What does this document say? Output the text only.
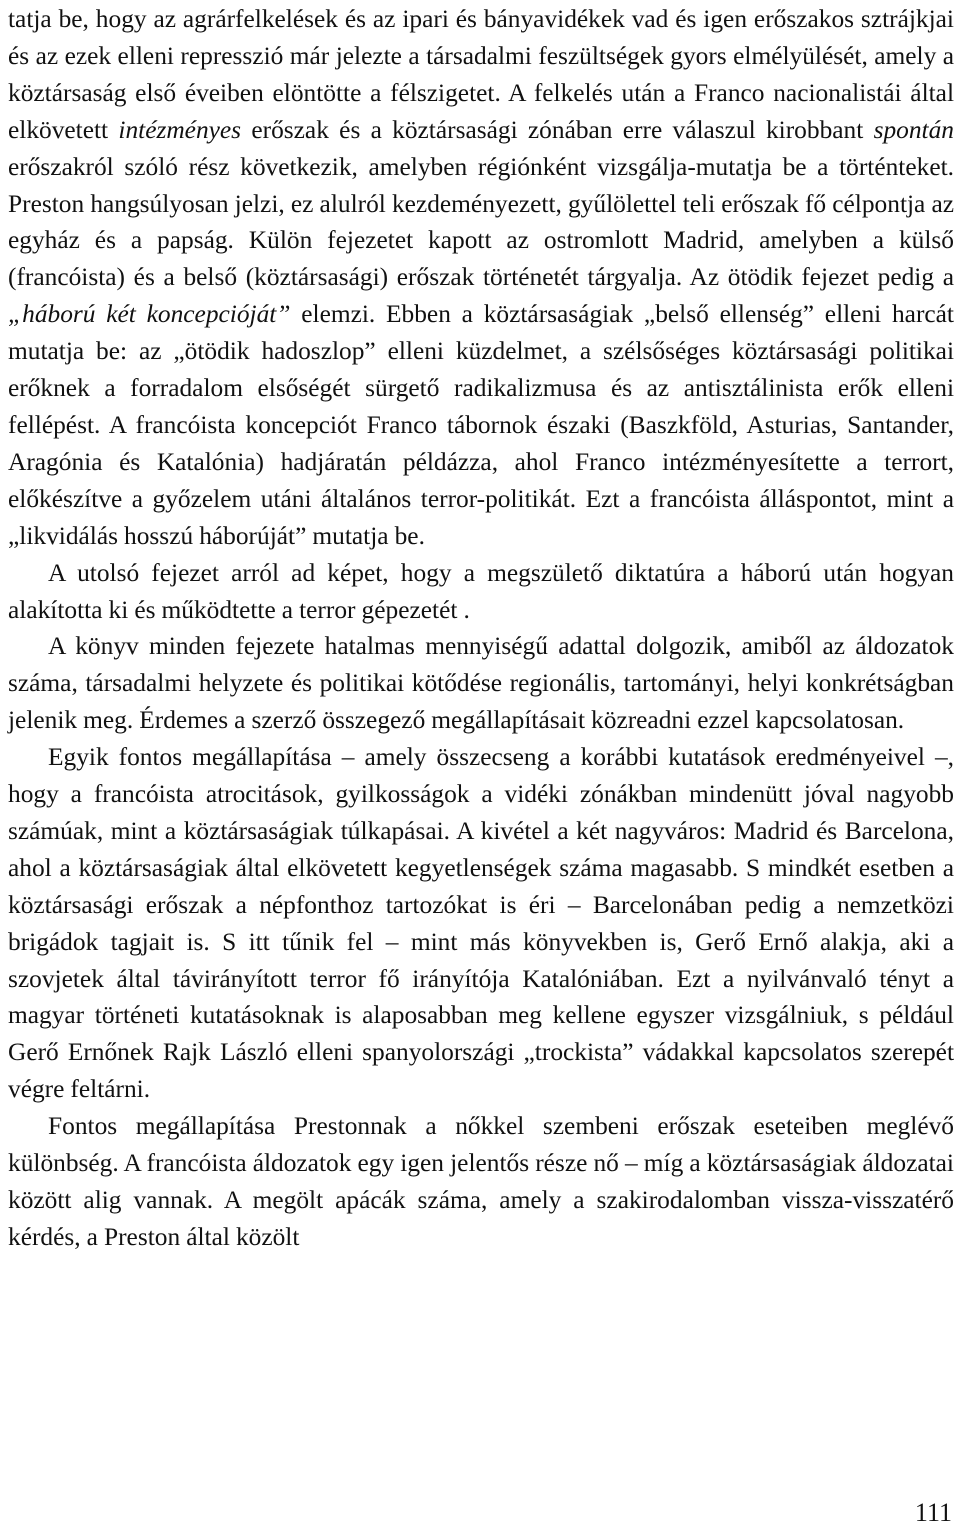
tatja be, hogy az agrárfelkelések és az ipari és bányavidékek vad és igen erőszakos sztrájkjai és az ezek elleni represszió már jelezte a társadalmi feszültségek gyors elmélyülését, amely a köztársaság első éveiben elöntötte a félszigetet. A felkelés után a Franco nacionalistái által elkövetett intézményes erőszak és a köztársasági zónában erre válaszul kirobbant spontán erőszakról szóló rész következik, amelyben régiónként vizsgálja-mutatja be a történteket. Preston hangsúlyosan jelzi, ez alulról kezdeményezett, gyűlölettel teli erőszak fő célpontja az egyház és a papság. Külön fejezetet kapott az ostromlott Madrid, amelyben a külső (francóista) és a belső (köztársasági) erőszak történetét tárgyalja. Az ötödik fejezet pedig a „háború két koncepcióját” elemzi. Ebben a köztársaságiak „belső ellenség” elleni harcát mutatja be: az „ötödik hadoszlop” elleni küzdelmet, a szélsőséges köztársasági politikai erőknek a forradalom elsőségét sürgető radikalizmusa és az antisztálinista erők elleni fellépést. A francóista koncepciót Franco tábornok északi (Baszkföld, Asturias, Santander, Aragónia és Katalónia) hadjáratán példázza, ahol Franco intézményesítette a terrort, előkészítve a győzelem utáni általános terror-politikát. Ezt a francóista álláspontot, mint a „likvidálás hosszú háborúját” mutatja be.

A utolsó fejezet arról ad képet, hogy a megszülető diktatúra a háború után hogyan alakította ki és működtette a terror gépezetét .

A könyv minden fejezete hatalmas mennyiségű adattal dolgozik, amiből az áldozatok száma, társadalmi helyzete és politikai kötődése regionális, tartományi, helyi konkrétságban jelenik meg. Érdemes a szerző összegező megállapításait közreadni ezzel kapcsolatosan.

Egyik fontos megállapítása – amely összecseng a korábbi kutatások eredményeivel –, hogy a francóista atrocitások, gyilkosságok a vidéki zónákban mindenütt jóval nagyobb számúak, mint a köztársaságiak túlkapásai. A kivétel a két nagyváros: Madrid és Barcelona, ahol a köztársaságiak által elkövetett kegyetlenségek száma magasabb. S mindkét esetben a köztársasági erőszak a népfonthoz tartozókat is éri – Barcelonában pedig a nemzetközi brigádok tagjait is. S itt tűnik fel – mint más könyvekben is, Gerő Ernő alakja, aki a szovjetek által távirányított terror fő irányítója Katalóniában. Ezt a nyilvánvaló tényt a magyar történeti kutatásoknak is alaposabban meg kellene egyszer vizsgálniuk, s például Gerő Ernőnek Rajk László elleni spanyolországi „trockista” vádakkal kapcsolatos szerepét végre feltárni.

Fontos megállapítása Prestonnak a nőkkel szembeni erőszak eseteiben meglévő különbség. A francóista áldozatok egy igen jelentős része nő – míg a köztársaságiak áldozatai között alig vannak. A megölt apácák száma, amely a szakirodalomban vissza-visszatérő kérdés, a Preston által közölt

111
